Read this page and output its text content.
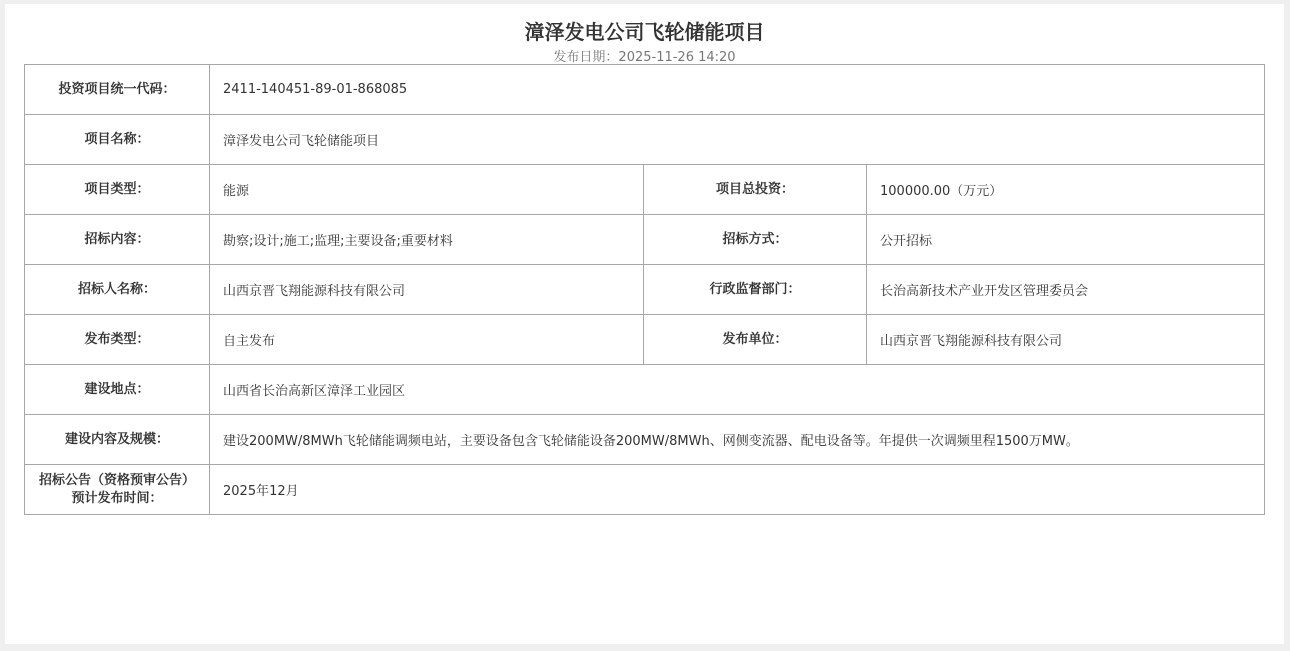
漳泽发电公司飞轮储能项目
发布日期：2025-11-26 14:20
投资项目统一代码：	2411-140451-89-01-868085		
项目名称：	漳泽发电公司飞轮储能项目		
项目类型：	能源	项目总投资：	100000.00（万元）
招标内容：	勘察;设计;施工;监理;主要设备;重要材料	招标方式：	公开招标
招标人名称：	山西京晋飞翔能源科技有限公司	行政监督部门：	长治高新技术产业开发区管理委员会
发布类型：	自主发布	发布单位：	山西京晋飞翔能源科技有限公司
建设地点：	山西省长治高新区漳泽工业园区		
建设内容及规模：	建设200MW/8MWh飞轮储能调频电站，主要设备包含飞轮储能设备200MW/8MWh、网侧变流器、配电设备等。年提供一次调频里程1500万MW。		

招标公告（资格预审公告）
预计发布时间：	2025年12月		
